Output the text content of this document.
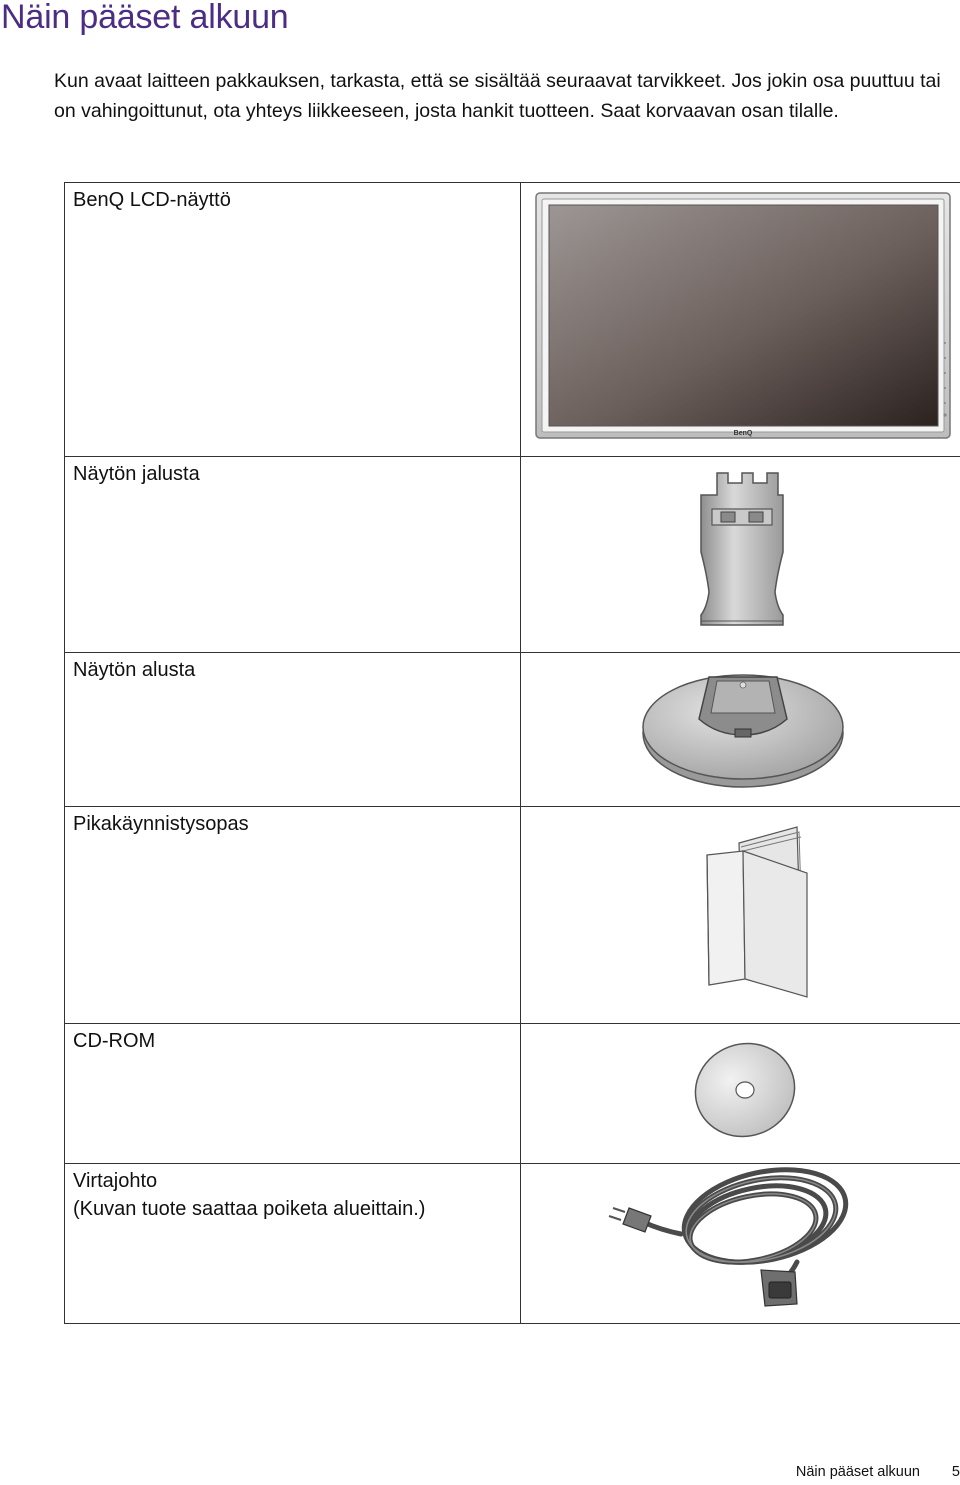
Näin pääset alkuun

Kun avaat laitteen pakkauksen, tarkasta, että se sisältää seuraavat tarvikkeet. Jos jokin osa puuttuu tai on vahingoittunut, ota yhteys liikkeeseen, josta hankit tuotteen. Saat korvaavan osan tilalle.

BenQ LCD-näyttö	BenQ

Näytön jalusta	

Näytön alusta	

Pikakäynnistysopas	

CD-ROM	

Virtajohto
(Kuvan tuote saattaa poiketa alueittain.)

Näin pääset alkuun 5
